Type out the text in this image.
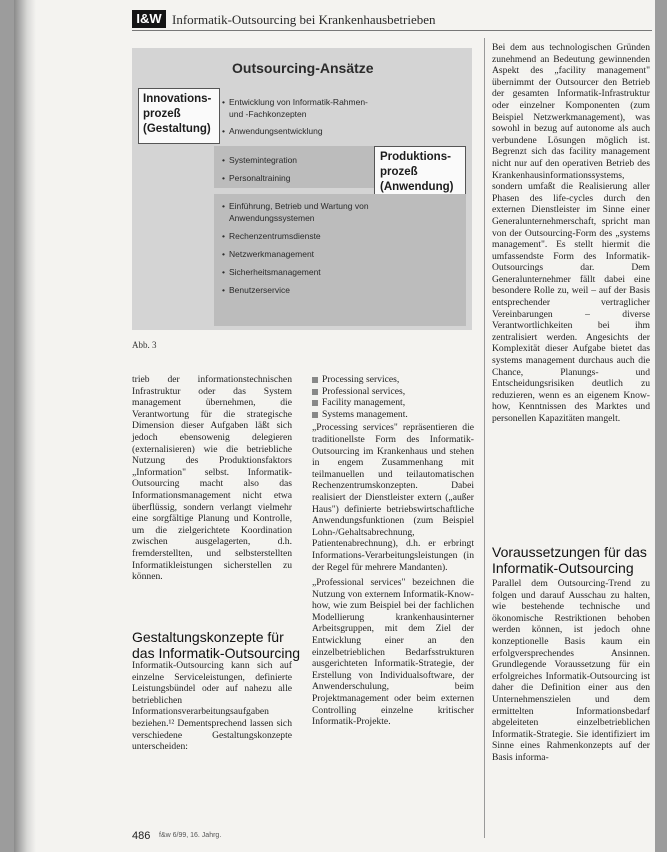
I&W Informatik-Outsourcing bei Krankenhausbetrieben
Outsourcing-Ansätze
Innovations- prozeß (Gestaltung)
• Entwicklung von Informatik-Rahmen- und -Fachkonzepten
• Anwendungsentwicklung
• Systemintegration
• Personaltraining
Produktions- prozeß (Anwendung)
• Einführung, Betrieb und Wartung von Anwendungssystemen
• Rechenzentrumsdienste
• Netzwerkmanagement
• Sicherheitsmanagement
• Benutzerservice
Abb. 3

trieb der informationstechnischen Infrastruktur oder das System management übernehmen, die Verantwortung für die strategische Dimension dieser Aufgaben läßt sich jedoch ebensowenig delegieren (externalisieren) wie die betriebliche Nutzung des Produktionsfaktors „Information" selbst. Informatik-Outsourcing macht also das Informationsmanagement nicht etwa überflüssig, sondern verlangt vielmehr eine sorgfältige Planung und Kontrolle, um die zielgerichtete Koordination zwischen ausgelagerten, d.h. fremderstellten, und selbsterstellten Informatikleistungen sicherstellen zu können.

Gestaltungskonzepte für das Informatik-Outsourcing

Informatik-Outsourcing kann sich auf einzelne Serviceleistungen, definierte Leistungsbündel oder auf nahezu alle betrieblichen Informationsverarbeitungsaufgaben beziehen.¹² Dementsprechend lassen sich verschiedene Gestaltungskonzepte unterscheiden:

Processing services,
Professional services,
Facility management,
Systems management.

„Processing services" repräsentieren die traditionellste Form des Informatik-Outsourcing im Krankenhaus und stehen in engem Zusammenhang mit teilmanuellen und teilautomatischen Rechenzentrumskonzepten. Dabei realisiert der Dienstleister extern („außer Haus") definierte betriebswirtschaftliche Anwendungsfunktionen (zum Beispiel Lohn-/Gehaltsabrechnung, Patientenabrechnung), d.h. er erbringt Informations-Verarbeitungsleistungen (in der Regel für mehrere Mandanten).

„Professional services" bezeichnen die Nutzung von externem Informatik-Know-how, wie zum Beispiel bei der fachlichen Modellierung krankenhausinterner Arbeitsgruppen, mit dem Ziel der Entwicklung einer an den einzelbetrieblichen Bedarfsstrukturen ausgerichteten Informatik-Strategie, der Erstellung von Individualsoftware, der Anwenderschulung, beim Projektmanagement oder beim externen Controlling einzelne kritischer Informatik-Projekte.

Bei dem aus technologischen Gründen zunehmend an Bedeutung gewinnenden Aspekt des „facility management" übernimmt der Outsourcer den Betrieb der gesamten Informatik-Infrastruktur oder einzelner Komponenten (zum Beispiel Netzwerkmanagement), was sowohl in bezug auf autonome als auch verbundene Lösungen möglich ist. Begrenzt sich das facility management nicht nur auf den operativen Betrieb des Krankenhausinformationssystems, sondern umfaßt die Realisierung aller Phasen des life-cycles durch den externen Dienstleister im Sinne einer Generalunternehmerschaft, spricht man von der Outsourcing-Form des „systems management". Es stellt hiermit die umfassendste Form des Informatik-Outsourcings dar. Dem Generalunternehmer fällt dabei eine besondere Rolle zu, weil – auf der Basis entsprechender vertraglicher Vereinbarungen – diverse Verantwortlichkeiten bei ihm zentralisiert werden. Angesichts der Komplexität dieser Aufgabe bietet das systems management durchaus auch die Chance, Planungs- und Entscheidungsrisiken deutlich zu reduzieren, wenn es an eigenem Know-how, Kenntnissen des Marktes und personellen Kapazitäten mangelt.

Voraussetzungen für das Informatik-Outsourcing

Parallel dem Outsourcing-Trend zu folgen und darauf Ausschau zu halten, wie bestehende technische und ökonomische Restriktionen behoben werden können, ist jedoch ohne konzeptionelle Basis kaum ein erfolgversprechendes Ansinnen. Grundlegende Voraussetzung für ein erfolgreiches Informatik-Outsourcing ist daher die Definition einer aus den Unternehmenszielen und dem ermittelten Informationsbedarf abgeleiteten einzelbetrieblichen Informatik-Strategie. Sie identifiziert im Sinne eines Rahmenkonzepts auf der Basis informa-

486 f&w 6/99, 16. Jahrg.
